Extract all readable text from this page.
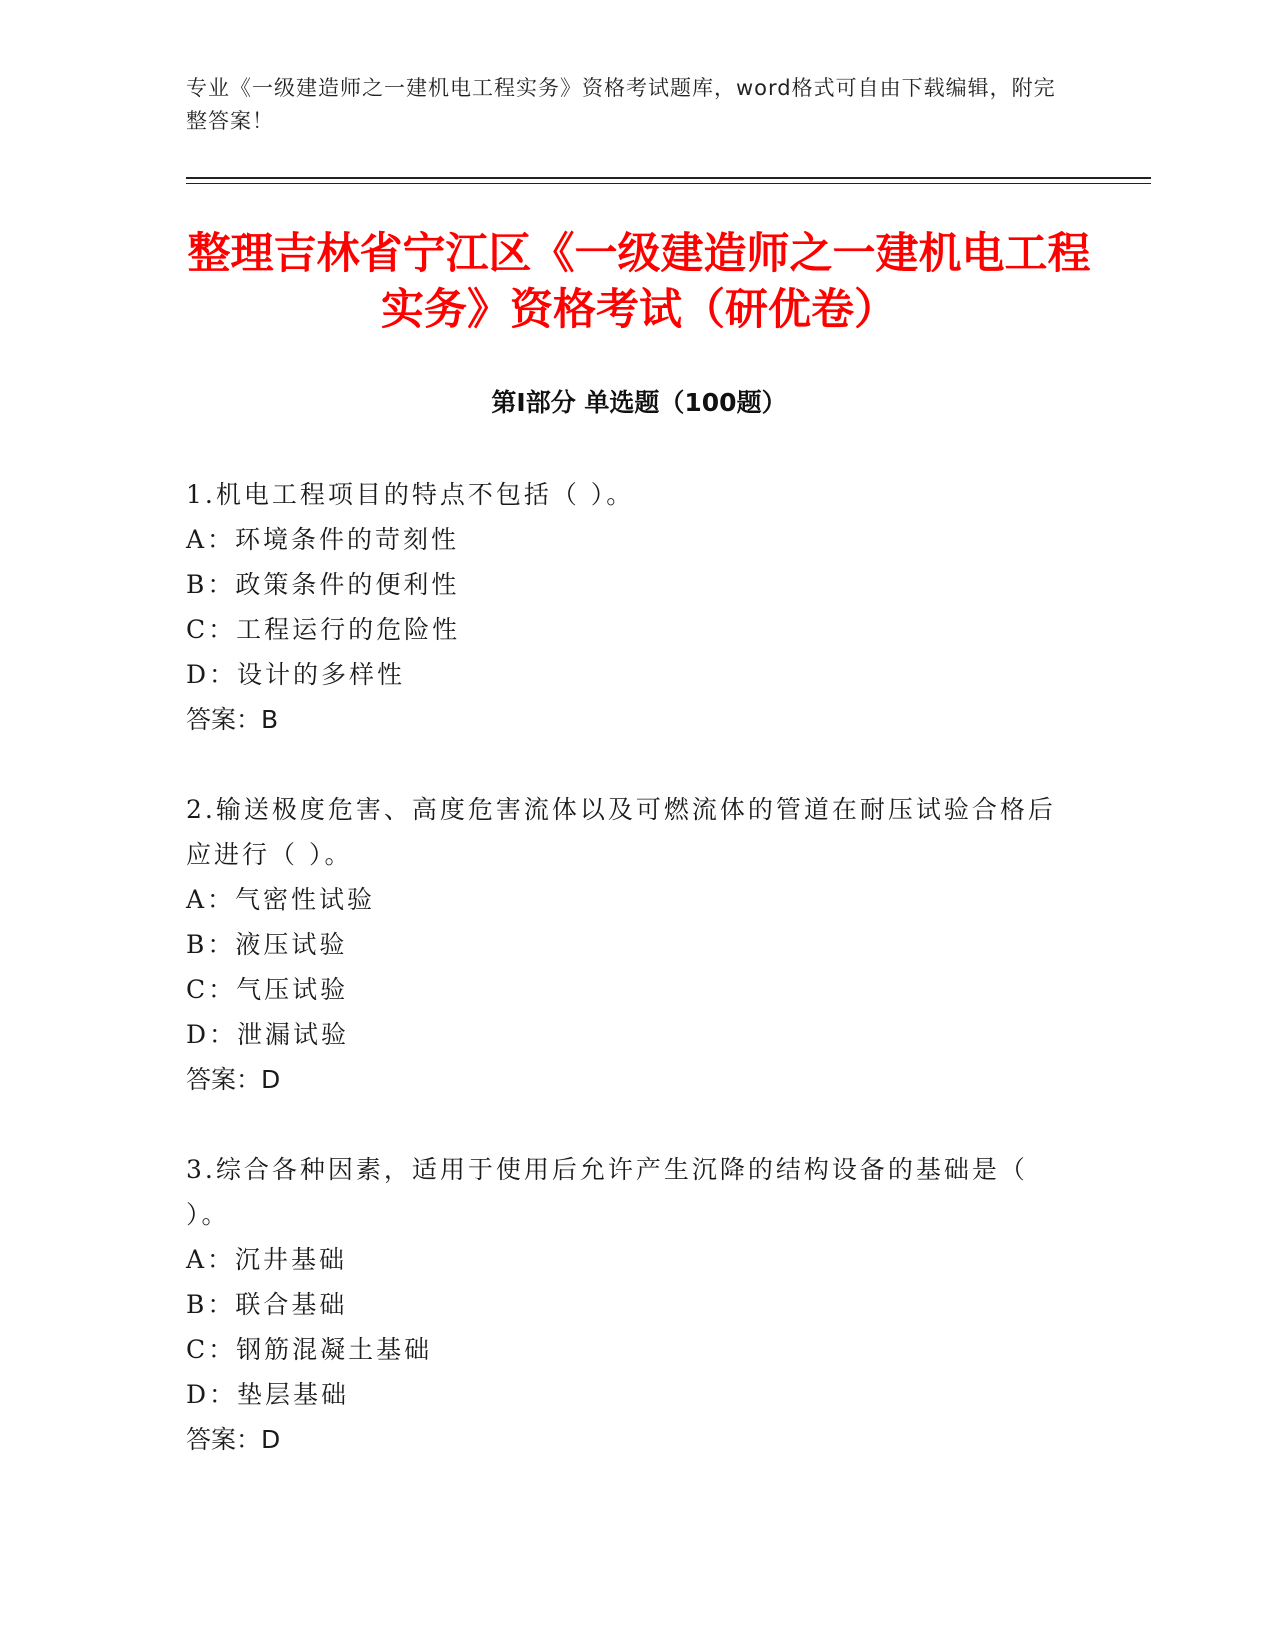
专业《一级建造师之一建机电工程实务》资格考试题库，word格式可自由下载编辑，附完整答案！
整理吉林省宁江区《一级建造师之一建机电工程实务》资格考试（研优卷）
第Ⅰ部分 单选题（100题）

1.机电工程项目的特点不包括（ ）。

A：环境条件的苛刻性

B：政策条件的便利性

C：工程运行的危险性

D：设计的多样性

答案：B

2.输送极度危害、高度危害流体以及可燃流体的管道在耐压试验合格后应进行（ ）。

A：气密性试验

B：液压试验

C：气压试验

D：泄漏试验

答案：D

3.综合各种因素，适用于使用后允许产生沉降的结构设备的基础是（ ）。

A：沉井基础

B：联合基础

C：钢筋混凝土基础

D：垫层基础

答案：D
